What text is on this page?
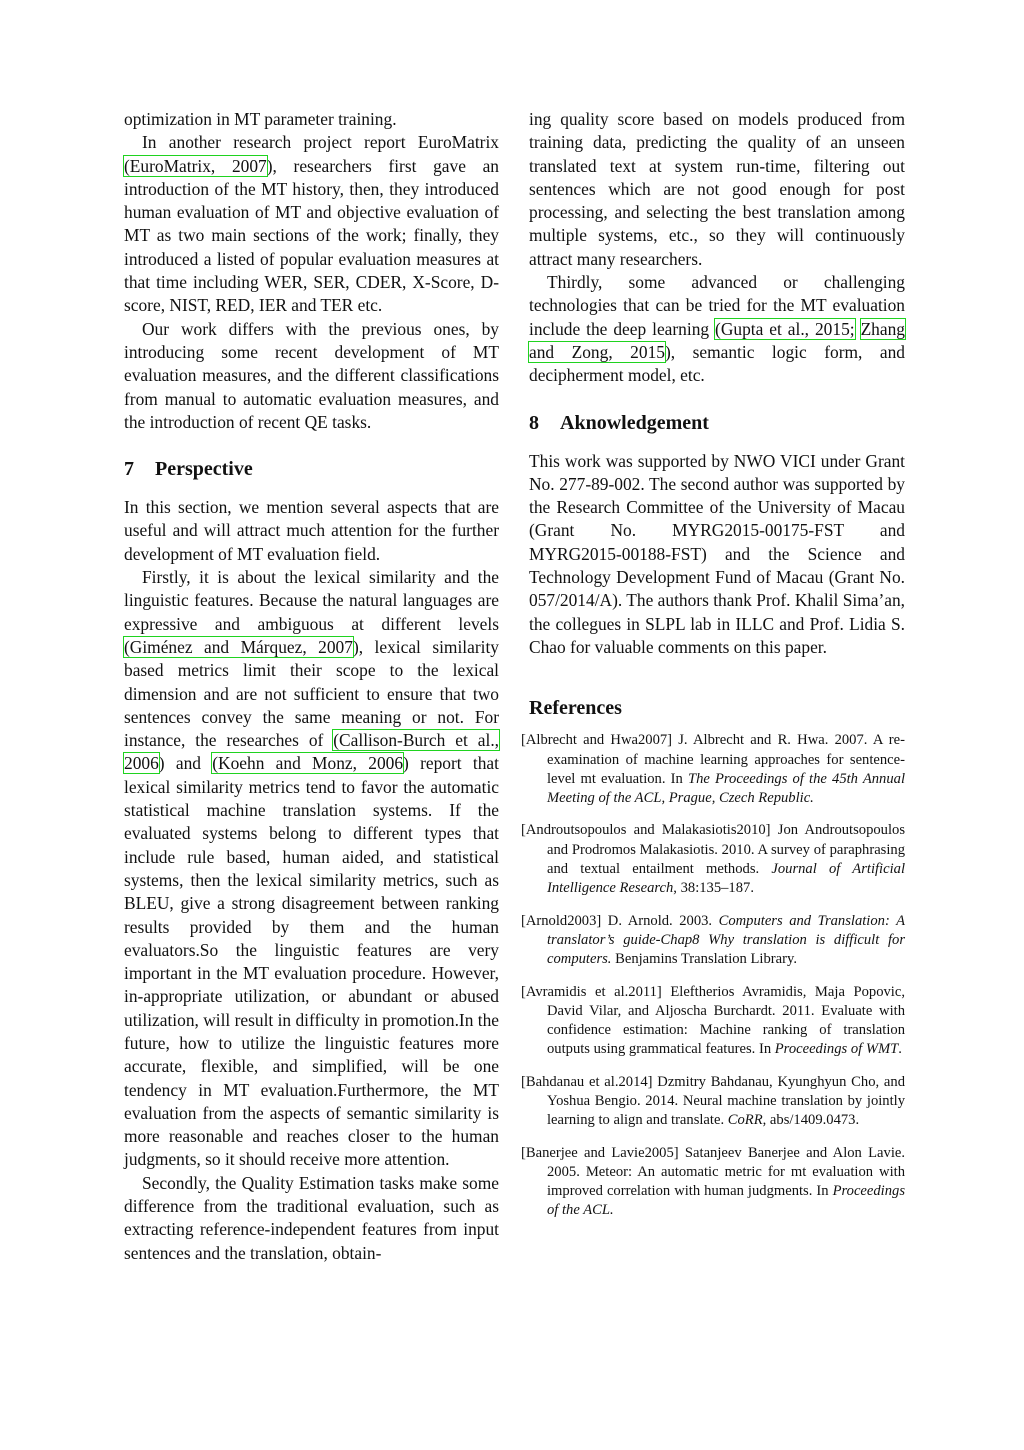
optimization in MT parameter training.

In another research project report EuroMatrix (EuroMatrix, 2007), researchers first gave an introduction of the MT history, then, they introduced human evaluation of MT and objective evaluation of MT as two main sections of the work; finally, they introduced a listed of popular evaluation measures at that time including WER, SER, CDER, X-Score, D-score, NIST, RED, IER and TER etc.

Our work differs with the previous ones, by introducing some recent development of MT evaluation measures, and the different classifications from manual to automatic evaluation measures, and the introduction of recent QE tasks.

7 Perspective

In this section, we mention several aspects that are useful and will attract much attention for the further development of MT evaluation field.

Firstly, it is about the lexical similarity and the linguistic features. Because the natural languages are expressive and ambiguous at different levels (Giménez and Márquez, 2007), lexical similarity based metrics limit their scope to the lexical dimension and are not sufficient to ensure that two sentences convey the same meaning or not. For instance, the researches of (Callison-Burch et al., 2006) and (Koehn and Monz, 2006) report that lexical similarity metrics tend to favor the automatic statistical machine translation systems. If the evaluated systems belong to different types that include rule based, human aided, and statistical systems, then the lexical similarity metrics, such as BLEU, give a strong disagreement between ranking results provided by them and the human evaluators.So the linguistic features are very important in the MT evaluation procedure. However, in-appropriate utilization, or abundant or abused utilization, will result in difficulty in promotion.In the future, how to utilize the linguistic features more accurate, flexible, and simplified, will be one tendency in MT evaluation.Furthermore, the MT evaluation from the aspects of semantic similarity is more reasonable and reaches closer to the human judgments, so it should receive more attention.

Secondly, the Quality Estimation tasks make some difference from the traditional evaluation, such as extracting reference-independent features from input sentences and the translation, obtain-

ing quality score based on models produced from training data, predicting the quality of an unseen translated text at system run-time, filtering out sentences which are not good enough for post processing, and selecting the best translation among multiple systems, etc., so they will continuously attract many researchers.

Thirdly, some advanced or challenging technologies that can be tried for the MT evaluation include the deep learning (Gupta et al., 2015; Zhang and Zong, 2015), semantic logic form, and decipherment model, etc.

8 Aknowledgement

This work was supported by NWO VICI under Grant No. 277-89-002. The second author was supported by the Research Committee of the University of Macau (Grant No. MYRG2015-00175-FST and MYRG2015-00188-FST) and the Science and Technology Development Fund of Macau (Grant No. 057/2014/A). The authors thank Prof. Khalil Sima’an, the collegues in SLPL lab in ILLC and Prof. Lidia S. Chao for valuable comments on this paper.

References
[Albrecht and Hwa2007] J. Albrecht and R. Hwa. 2007. A re-examination of machine learning approaches for sentence-level mt evaluation. In The Proceedings of the 45th Annual Meeting of the ACL, Prague, Czech Republic.
[Androutsopoulos and Malakasiotis2010] Jon Androutsopoulos and Prodromos Malakasiotis. 2010. A survey of paraphrasing and textual entailment methods. Journal of Artificial Intelligence Research, 38:135–187.
[Arnold2003] D. Arnold. 2003. Computers and Translation: A translator’s guide-Chap8 Why translation is difficult for computers. Benjamins Translation Library.
[Avramidis et al.2011] Eleftherios Avramidis, Maja Popovic, David Vilar, and Aljoscha Burchardt. 2011. Evaluate with confidence estimation: Machine ranking of translation outputs using grammatical features. In Proceedings of WMT.
[Bahdanau et al.2014] Dzmitry Bahdanau, Kyunghyun Cho, and Yoshua Bengio. 2014. Neural machine translation by jointly learning to align and translate. CoRR, abs/1409.0473.
[Banerjee and Lavie2005] Satanjeev Banerjee and Alon Lavie. 2005. Meteor: An automatic metric for mt evaluation with improved correlation with human judgments. In Proceedings of the ACL.
